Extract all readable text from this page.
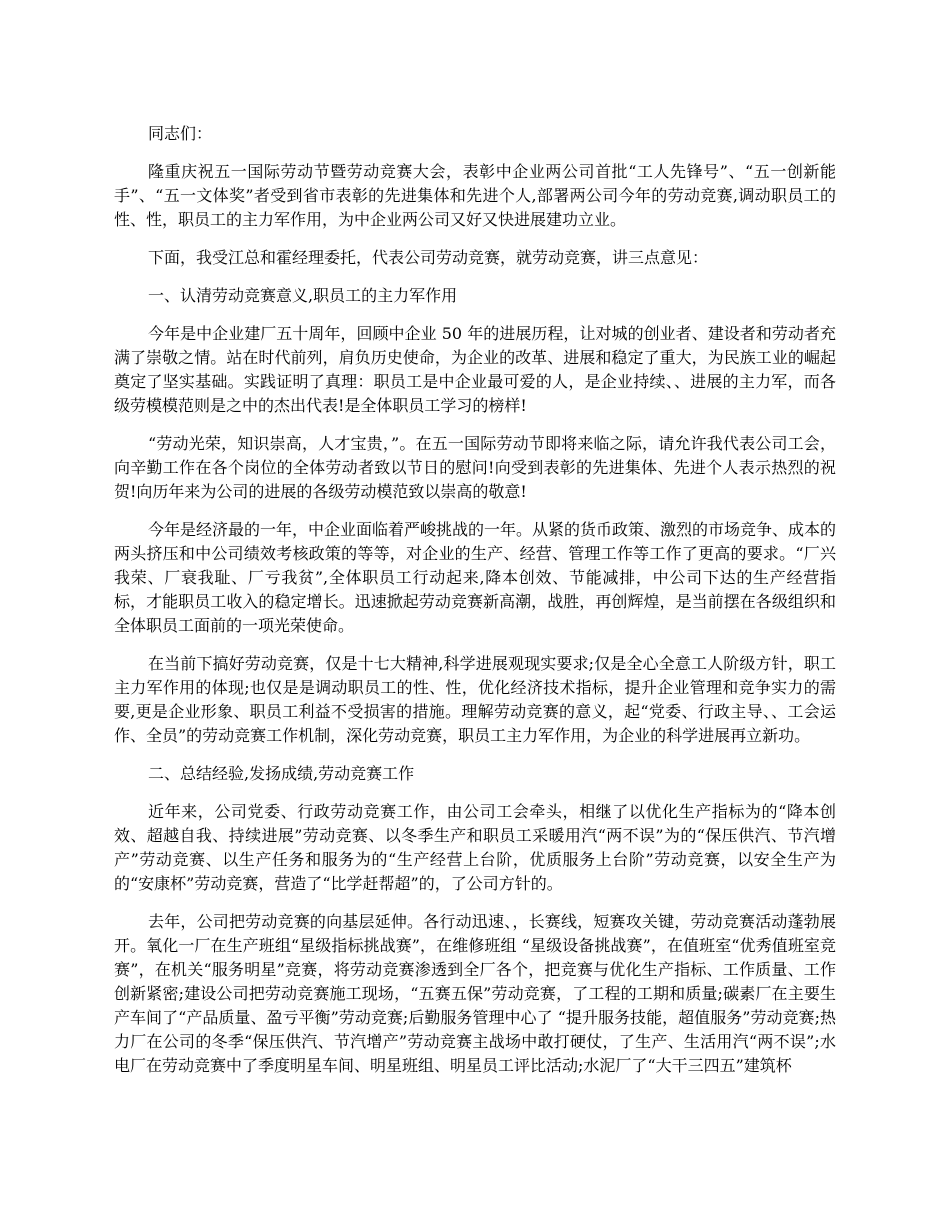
同志们：

隆重庆祝五一国际劳动节暨劳动竞赛大会，表彰中企业两公司首批“工人先锋号”、“五一创新能手”、“五一文体奖”者受到省市表彰的先进集体和先进个人,部署两公司今年的劳动竞赛,调动职员工的性、性，职员工的主力军作用，为中企业两公司又好又快进展建功立业。

下面，我受江总和霍经理委托，代表公司劳动竞赛，就劳动竞赛，讲三点意见：

一、认清劳动竞赛意义,职员工的主力军作用

今年是中企业建厂五十周年，回顾中企业 50 年的进展历程，让对城的创业者、建设者和劳动者充满了崇敬之情。站在时代前列，肩负历史使命，为企业的改革、进展和稳定了重大，为民族工业的崛起奠定了坚实基础。实践证明了真理：职员工是中企业最可爱的人，是企业持续、、进展的主力军，而各级劳模模范则是之中的杰出代表!是全体职员工学习的榜样!

“劳动光荣，知识崇高，人才宝贵，”。在五一国际劳动节即将来临之际，请允许我代表公司工会，向辛勤工作在各个岗位的全体劳动者致以节日的慰问!向受到表彰的先进集体、先进个人表示热烈的祝贺!向历年来为公司的进展的各级劳动模范致以崇高的敬意!

今年是经济最的一年，中企业面临着严峻挑战的一年。从紧的货币政策、激烈的市场竞争、成本的两头挤压和中公司绩效考核政策的等等，对企业的生产、经营、管理工作等工作了更高的要求。“厂兴我荣、厂衰我耻、厂亏我贫”,全体职员工行动起来,降本创效、节能减排，中公司下达的生产经营指标，才能职员工收入的稳定增长。迅速掀起劳动竞赛新高潮，战胜，再创辉煌，是当前摆在各级组织和全体职员工面前的一项光荣使命。

在当前下搞好劳动竞赛，仅是十七大精神,科学进展观现实要求;仅是全心全意工人阶级方针，职工主力军作用的体现;也仅是是调动职员工的性、性，优化经济技术指标，提升企业管理和竞争实力的需要,更是企业形象、职员工利益不受损害的措施。理解劳动竞赛的意义，起“党委、行政主导、、工会运作、全员”的劳动竞赛工作机制，深化劳动竞赛，职员工主力军作用，为企业的科学进展再立新功。

二、总结经验,发扬成绩,劳动竞赛工作

近年来，公司党委、行政劳动竞赛工作，由公司工会牵头，相继了以优化生产指标为的“降本创效、超越自我、持续进展”劳动竞赛、以冬季生产和职员工采暖用汽“两不误”为的“保压供汽、节汽增产”劳动竞赛、以生产任务和服务为的“生产经营上台阶，优质服务上台阶”劳动竞赛，以安全生产为的“安康杯”劳动竞赛，营造了“比学赶帮超”的，了公司方针的。

去年，公司把劳动竞赛的向基层延伸。各行动迅速、，长赛线，短赛攻关键，劳动竞赛活动蓬勃展开。氧化一厂在生产班组“星级指标挑战赛”，在维修班组 “星级设备挑战赛”，在值班室“优秀值班室竞赛”，在机关“服务明星”竞赛，将劳动竞赛渗透到全厂各个，把竞赛与优化生产指标、工作质量、工作创新紧密;建设公司把劳动竞赛施工现场，“五赛五保”劳动竞赛，了工程的工期和质量;碳素厂在主要生产车间了“产品质量、盈亏平衡”劳动竞赛;后勤服务管理中心了 “提升服务技能，超值服务”劳动竞赛;热力厂在公司的冬季“保压供汽、节汽增产”劳动竞赛主战场中敢打硬仗，了生产、生活用汽“两不误”;水电厂在劳动竞赛中了季度明星车间、明星班组、明星员工评比活动;水泥厂了“大干三四五”建筑杯
